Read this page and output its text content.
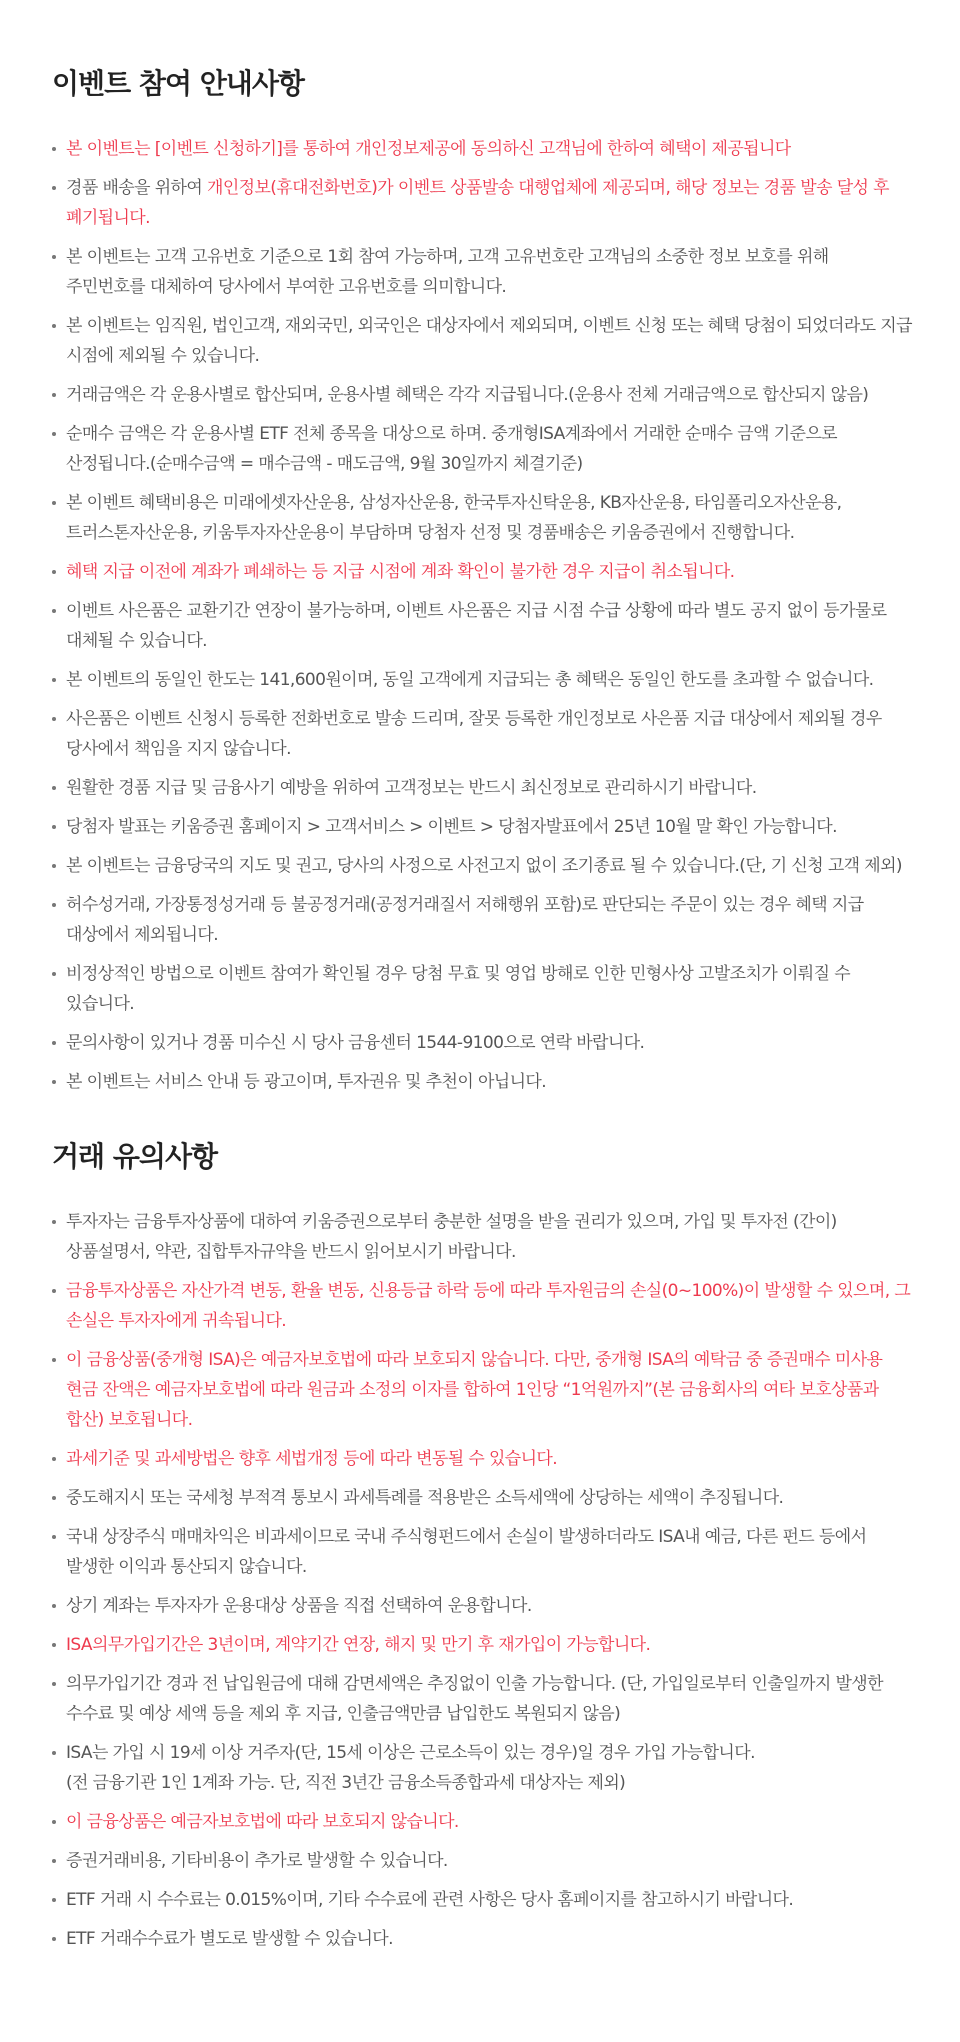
이벤트 참여 안내사항
본 이벤트는 [이벤트 신청하기]를 통하여 개인정보제공에 동의하신 고객님에 한하여 혜택이 제공됩니다
경품 배송을 위하여 개인정보(휴대전화번호)가 이벤트 상품발송 대행업체에 제공되며, 해당 정보는 경품 발송 달성 후 폐기됩니다.
본 이벤트는 고객 고유번호 기준으로 1회 참여 가능하며, 고객 고유번호란 고객님의 소중한 정보 보호를 위해 주민번호를 대체하여 당사에서 부여한 고유번호를 의미합니다.
본 이벤트는 임직원, 법인고객, 재외국민, 외국인은 대상자에서 제외되며, 이벤트 신청 또는 혜택 당첨이 되었더라도 지급 시점에 제외될 수 있습니다.
거래금액은 각 운용사별로 합산되며, 운용사별 혜택은 각각 지급됩니다.(운용사 전체 거래금액으로 합산되지 않음)
순매수 금액은 각 운용사별 ETF 전체 종목을 대상으로 하며. 중개형ISA계좌에서 거래한 순매수 금액 기준으로 산정됩니다.(순매수금액 = 매수금액 - 매도금액, 9월 30일까지 체결기준)
본 이벤트 혜택비용은 미래에셋자산운용, 삼성자산운용, 한국투자신탁운용, KB자산운용, 타임폴리오자산운용, 트러스톤자산운용, 키움투자자산운용이 부담하며 당첨자 선정 및 경품배송은 키움증권에서 진행합니다.
혜택 지급 이전에 계좌가 폐쇄하는 등 지급 시점에 계좌 확인이 불가한 경우 지급이 취소됩니다.
이벤트 사은품은 교환기간 연장이 불가능하며, 이벤트 사은품은 지급 시점 수급 상황에 따라 별도 공지 없이 등가물로 대체될 수 있습니다.
본 이벤트의 동일인 한도는 141,600원이며, 동일 고객에게 지급되는 총 혜택은 동일인 한도를 초과할 수 없습니다.
사은품은 이벤트 신청시 등록한 전화번호로 발송 드리며, 잘못 등록한 개인정보로 사은품 지급 대상에서 제외될 경우 당사에서 책임을 지지 않습니다.
원활한 경품 지급 및 금융사기 예방을 위하여 고객정보는 반드시 최신정보로 관리하시기 바랍니다.
당첨자 발표는 키움증권 홈페이지 > 고객서비스 > 이벤트 > 당첨자발표에서 25년 10월 말 확인 가능합니다.
본 이벤트는 금융당국의 지도 및 권고, 당사의 사정으로 사전고지 없이 조기종료 될 수 있습니다.(단, 기 신청 고객 제외)
허수성거래, 가장통정성거래 등 불공정거래(공정거래질서 저해행위 포함)로 판단되는 주문이 있는 경우 혜택 지급 대상에서 제외됩니다.
비정상적인 방법으로 이벤트 참여가 확인될 경우 당첨 무효 및 영업 방해로 인한 민형사상 고발조치가 이뤄질 수 있습니다.
문의사항이 있거나 경품 미수신 시 당사 금융센터 1544-9100으로 연락 바랍니다.
본 이벤트는 서비스 안내 등 광고이며, 투자권유 및 추천이 아닙니다.
거래 유의사항
투자자는 금융투자상품에 대하여 키움증권으로부터 충분한 설명을 받을 권리가 있으며, 가입 및 투자전 (간이)상품설명서, 약관, 집합투자규약을 반드시 읽어보시기 바랍니다.
금융투자상품은 자산가격 변동, 환율 변동, 신용등급 하락 등에 따라 투자원금의 손실(0~100%)이 발생할 수 있으며, 그 손실은 투자자에게 귀속됩니다.
이 금융상품(중개형 ISA)은 예금자보호법에 따라 보호되지 않습니다. 다만, 중개형 ISA의 예탁금 중 증권매수 미사용 현금 잔액은 예금자보호법에 따라 원금과 소정의 이자를 합하여 1인당 “1억원까지”(본 금융회사의 여타 보호상품과 합산) 보호됩니다.
과세기준 및 과세방법은 향후 세법개정 등에 따라 변동될 수 있습니다.
중도해지시 또는 국세청 부적격 통보시 과세특례를 적용받은 소득세액에 상당하는 세액이 추징됩니다.
국내 상장주식 매매차익은 비과세이므로 국내 주식형펀드에서 손실이 발생하더라도 ISA내 예금, 다른 펀드 등에서 발생한 이익과 통산되지 않습니다.
상기 계좌는 투자자가 운용대상 상품을 직접 선택하여 운용합니다.
ISA의무가입기간은 3년이며, 계약기간 연장, 해지 및 만기 후 재가입이 가능합니다.
의무가입기간 경과 전 납입원금에 대해 감면세액은 추징없이 인출 가능합니다. (단, 가입일로부터 인출일까지 발생한 수수료 및 예상 세액 등을 제외 후 지급, 인출금액만큼 납입한도 복원되지 않음)
ISA는 가입 시 19세 이상 거주자(단, 15세 이상은 근로소득이 있는 경우)일 경우 가입 가능합니다.
(전 금융기관 1인 1계좌 가능. 단, 직전 3년간 금융소득종합과세 대상자는 제외)
이 금융상품은 예금자보호법에 따라 보호되지 않습니다.
증권거래비용, 기타비용이 추가로 발생할 수 있습니다.
ETF 거래 시 수수료는 0.015%이며, 기타 수수료에 관련 사항은 당사 홈페이지를 참고하시기 바랍니다.
ETF 거래수수료가 별도로 발생할 수 있습니다.
